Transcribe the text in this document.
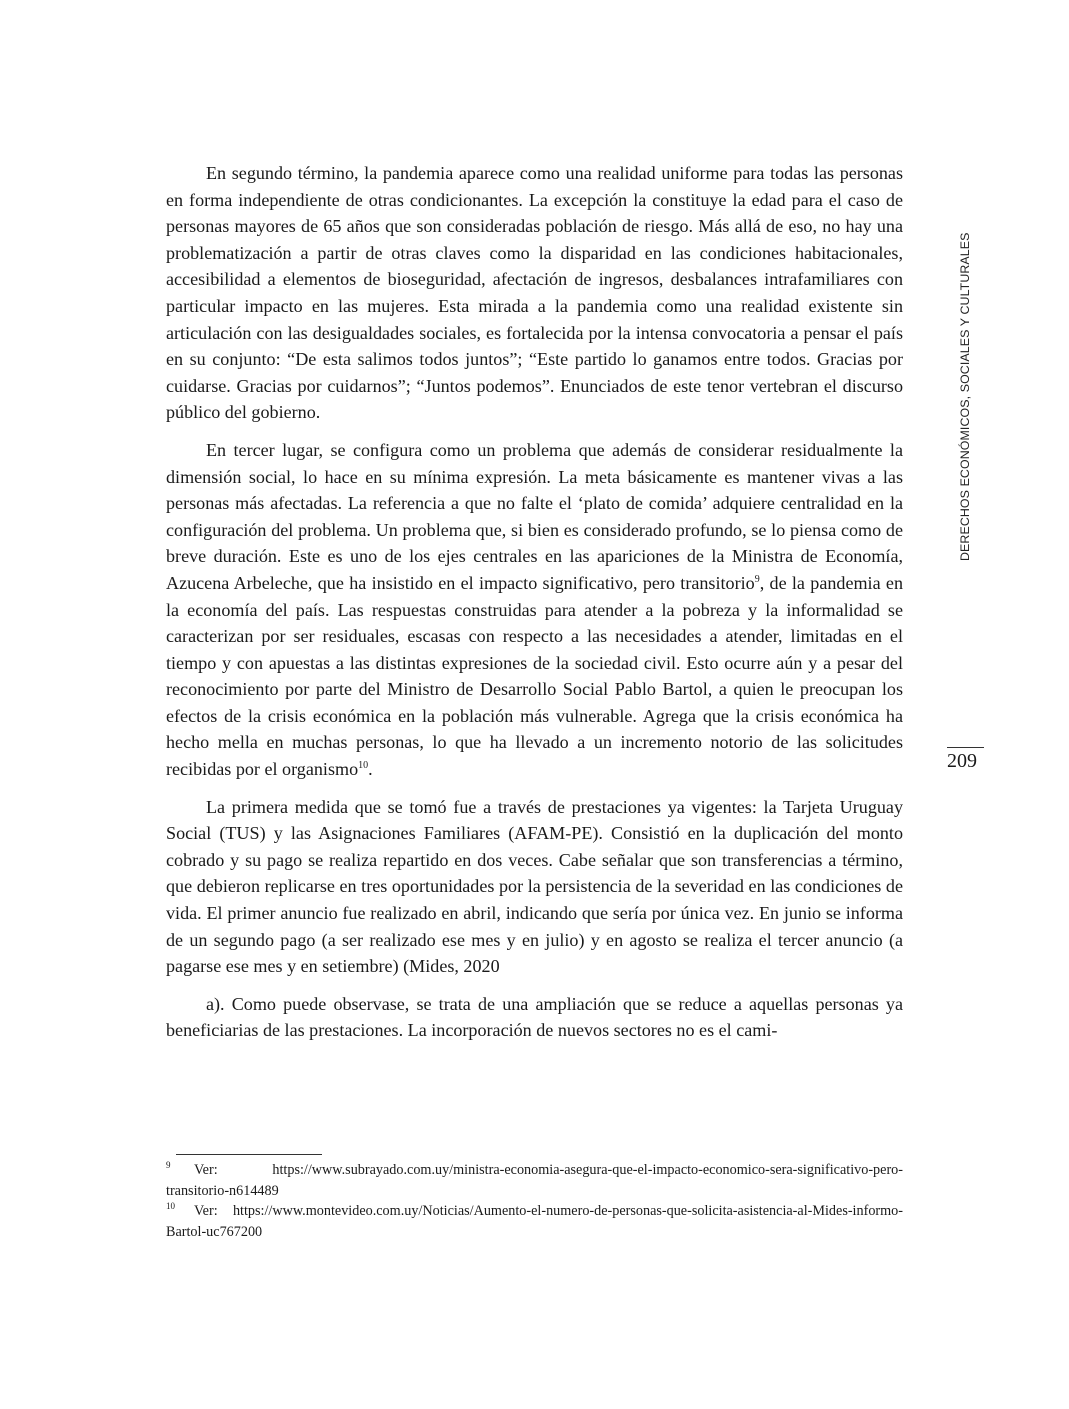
DERECHOS ECONÓMICOS, SOCIALES Y CULTURALES
209

En segundo término, la pandemia aparece como una realidad uniforme para todas las personas en forma independiente de otras condicionantes. La excepción la constituye la edad para el caso de personas mayores de 65 años que son consideradas población de riesgo. Más allá de eso, no hay una problematización a partir de otras claves como la disparidad en las condiciones habitacionales, accesibilidad a elementos de bioseguridad, afectación de ingresos, desbalances intrafamiliares con particular impacto en las mujeres. Esta mirada a la pandemia como una realidad existente sin articulación con las desigualdades sociales, es fortalecida por la intensa convocatoria a pensar el país en su conjunto: “De esta salimos todos juntos”; “Este partido lo ganamos entre todos. Gracias por cuidarse. Gracias por cuidarnos”; “Juntos podemos”. Enunciados de este tenor vertebran el discurso público del gobierno.

En tercer lugar, se configura como un problema que además de considerar residualmente la dimensión social, lo hace en su mínima expresión. La meta básicamente es mantener vivas a las personas más afectadas. La referencia a que no falte el ‘plato de comida’ adquiere centralidad en la configuración del problema. Un problema que, si bien es considerado profundo, se lo piensa como de breve duración. Este es uno de los ejes centrales en las apariciones de la Ministra de Economía, Azucena Arbeleche, que ha insistido en el impacto significativo, pero transitorio$^9$, de la pandemia en la economía del país. Las respuestas construidas para atender a la pobreza y la informalidad se caracterizan por ser residuales, escasas con respecto a las necesidades a atender, limitadas en el tiempo y con apuestas a las distintas expresiones de la sociedad civil. Esto ocurre aún y a pesar del reconocimiento por parte del Ministro de Desarrollo Social Pablo Bartol, a quien le preocupan los efectos de la crisis económica en la población más vulnerable. Agrega que la crisis económica ha hecho mella en muchas personas, lo que ha llevado a un incremento notorio de las solicitudes recibidas por el organismo$^{10}$.

La primera medida que se tomó fue a través de prestaciones ya vigentes: la Tarjeta Uruguay Social (TUS) y las Asignaciones Familiares (AFAM-PE). Consistió en la duplicación del monto cobrado y su pago se realiza repartido en dos veces. Cabe señalar que son transferencias a término, que debieron replicarse en tres oportunidades por la persistencia de la severidad en las condiciones de vida. El primer anuncio fue realizado en abril, indicando que sería por única vez. En junio se informa de un segundo pago (a ser realizado ese mes y en julio) y en agosto se realiza el tercer anuncio (a pagarse ese mes y en setiembre) (Mides, 2020

a). Como puede observase, se trata de una ampliación que se reduce a aquellas personas ya beneficiarias de las prestaciones. La incorporación de nuevos sectores no es el cami-

9 Ver:	https://www.subrayado.com.uy/ministra-economia-asegura-que-el-impacto-economico-sera-significativo-pero-transitorio-n614489

10 Ver: https://www.montevideo.com.uy/Noticias/Aumento-el-numero-de-personas-que-solicita-asistencia-al-Mides-informo-Bartol-uc767200
